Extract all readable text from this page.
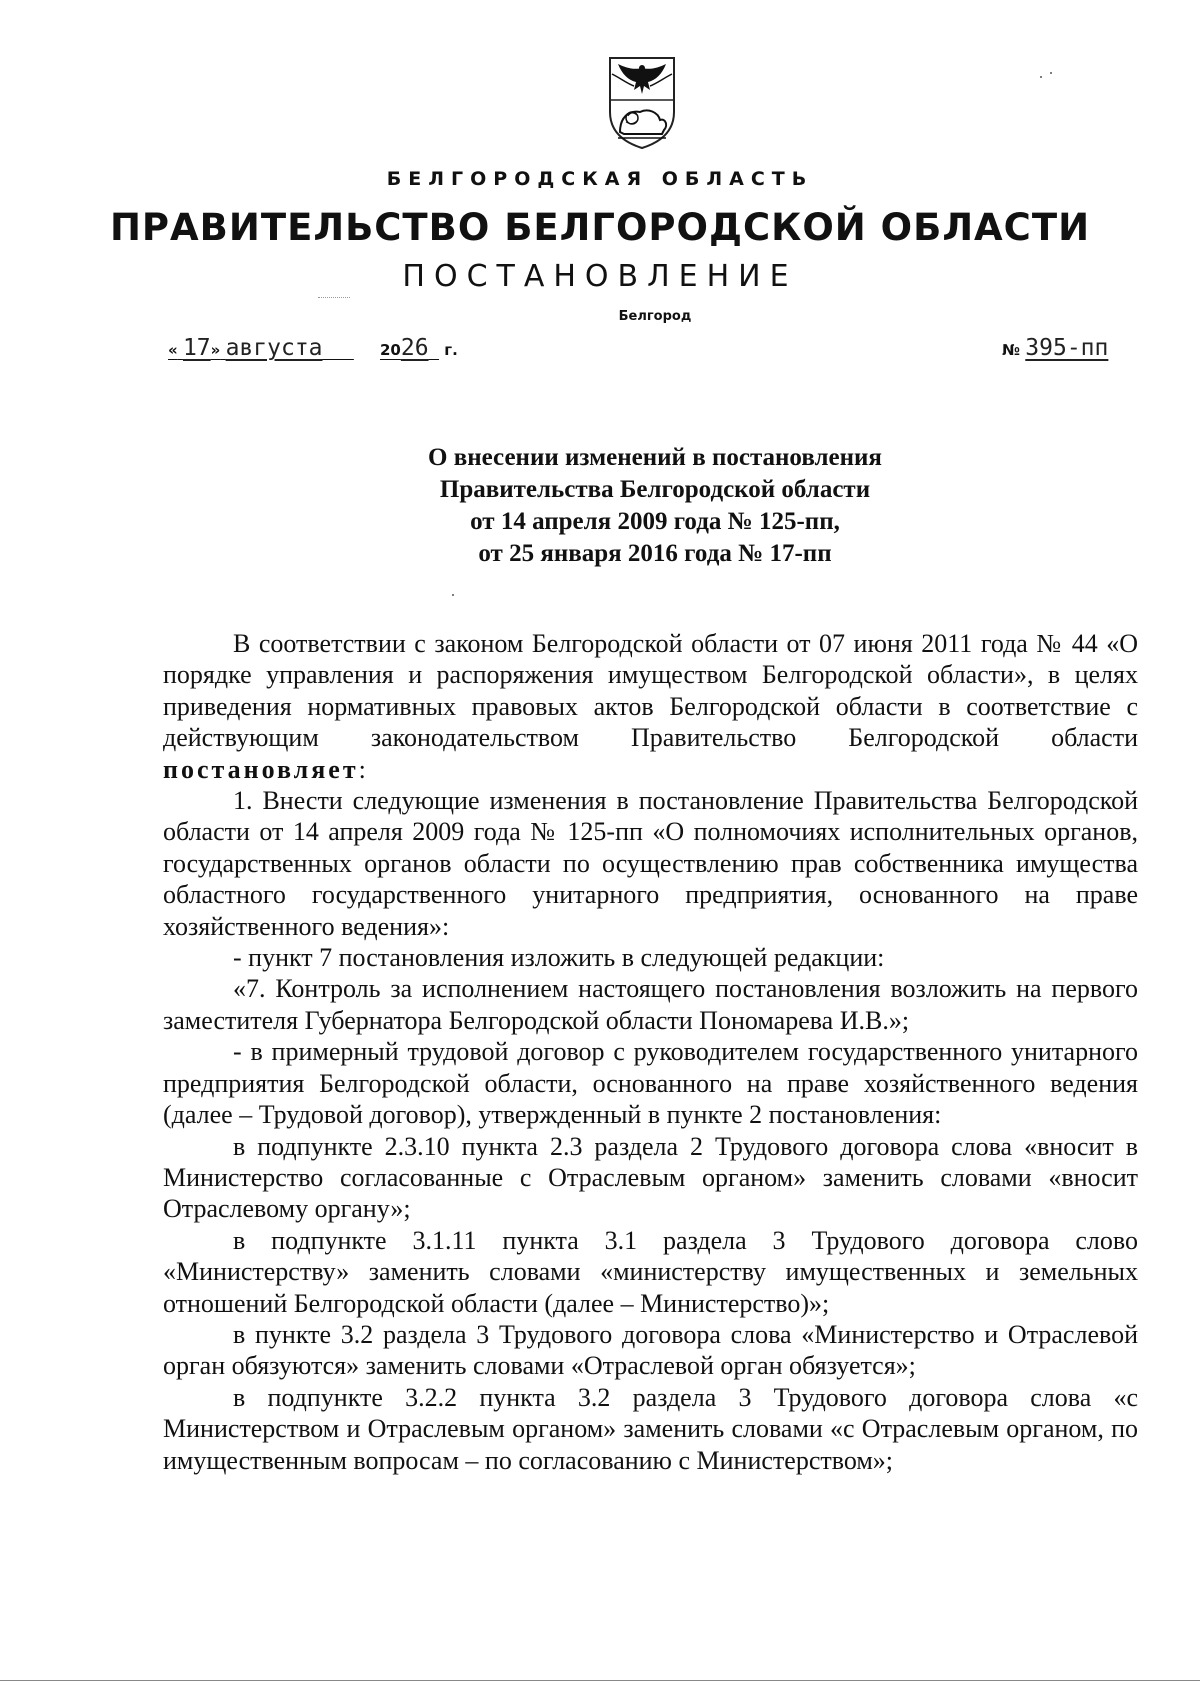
БЕЛГОРОДСКАЯ ОБЛАСТЬ
ПРАВИТЕЛЬСТВО БЕЛГОРОДСКОЙ ОБЛАСТИ
ПОСТАНОВЛЕНИЕ
Белгород
« 17» августа	2026 г.	№ 395-пп
О внесении изменений в постановления
Правительства Белгородской области
от 14 апреля 2009 года № 125-пп,
от 25 января 2016 года № 17-пп

В соответствии с законом Белгородской области от 07 июня 2011 года № 44 «О порядке управления и распоряжения имуществом Белгородской области», в целях приведения нормативных правовых актов Белгородской области в соответствие с действующим законодательством Правительство Белгородской области постановляет:

1. Внести следующие изменения в постановление Правительства Белгородской области от 14 апреля 2009 года № 125-пп «О полномочиях исполнительных органов, государственных органов области по осуществлению прав собственника имущества областного государственного унитарного предприятия, основанного на праве хозяйственного ведения»:

- пункт 7 постановления изложить в следующей редакции:

«7. Контроль за исполнением настоящего постановления возложить на первого заместителя Губернатора Белгородской области Пономарева И.В.»;

- в примерный трудовой договор с руководителем государственного унитарного предприятия Белгородской области, основанного на праве хозяйственного ведения (далее – Трудовой договор), утвержденный в пункте 2 постановления:

в подпункте 2.3.10 пункта 2.3 раздела 2 Трудового договора слова «вносит в Министерство согласованные с Отраслевым органом» заменить словами «вносит Отраслевому органу»;

в подпункте 3.1.11 пункта 3.1 раздела 3 Трудового договора слово «Министерству» заменить словами «министерству имущественных и земельных отношений Белгородской области (далее – Министерство)»;

в пункте 3.2 раздела 3 Трудового договора слова «Министерство и Отраслевой орган обязуются» заменить словами «Отраслевой орган обязуется»;

в подпункте 3.2.2 пункта 3.2 раздела 3 Трудового договора слова «с Министерством и Отраслевым органом» заменить словами «с Отраслевым органом, по имущественным вопросам – по согласованию с Министерством»;
